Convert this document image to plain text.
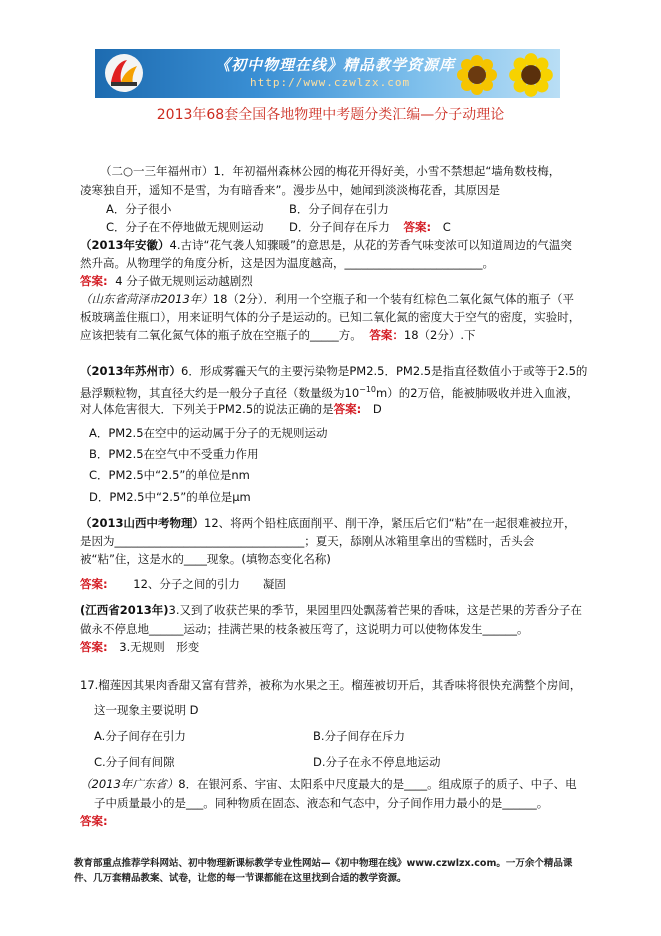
《初中物理在线》精品教学资源库
http://www.czwlzx.com
2013年68套全国各地物理中考题分类汇编—分子动理论
（二○一三年福州市）1．年初福州森林公园的梅花开得好美，小雪不禁想起“墙角数枝梅，
凌寒独自开，遥知不是雪，为有暗香来”。漫步丛中，她闻到淡淡梅花香，其原因是
A．分子很小	B．分子间存在引力
C．分子在不停地做无规则运动 D．分子间存在斥力 答案: C
（2013年安徽）4.古诗“花气袭人知骤暖”的意思是，从花的芳香气味变浓可以知道周边的气温突
然升高。从物理学的角度分析，这是因为温度越高，________________________。
答案: 4 分子做无规则运动越剧烈
（山东省菏泽市2013年）18（2分）．利用一个空瓶子和一个装有红棕色二氧化氮气体的瓶子（平
板玻璃盖住瓶口），用来证明气体的分子是运动的。已知二氧化氮的密度大于空气的密度，实验时，
应该把装有二氧化氮气体的瓶子放在空瓶子的_____方。 答案：18（2分）.下
（2013年苏州市）6．形成雾霾天气的主要污染物是PM2.5．PM2.5是指直径数值小于或等于2.5的
悬浮颗粒物，其直径大约是一般分子直径（数量级为$10^{-10}m$）的2万倍，能被肺吸收并进入血液，
对人体危害很大．下列关于PM2.5的说法正确的是答案: D
A．PM2.5在空中的运动属于分子的无规则运动
B．PM2.5在空气中不受重力作用
C．PM2.5中“2.5”的单位是nm
D．PM2.5中“2.5”的单位是μm
（2013山西中考物理）12、将两个铅柱底面削平、削干净，紧压后它们“粘”在一起很难被拉开，
是因为_________________________________；夏天，舔刚从冰箱里拿出的雪糕时，舌头会
被“粘”住，这是水的____现象。(填物态变化名称)
答案: 12、分子之间的引力　　凝固
(江西省2013年)3.又到了收获芒果的季节，果园里四处飘荡着芒果的香味，这是芒果的芳香分子在
做永不停息地______运动；挂满芒果的枝条被压弯了，这说明力可以使物体发生______。
答案: 3.无规则　形变
17.榴莲因其果肉香甜又富有营养，被称为水果之王。榴莲被切开后，其香味将很快充满整个房间，
这一现象主要说明 D
A.分子间存在引力	B.分子间存在斥力
C.分子间有间隙	D.分子在永不停息地运动
（2013年广东省）8．在银河系、宇宙、太阳系中尺度最大的是____。组成原子的质子、中子、电
子中质量最小的是___。同种物质在固态、液态和气态中，分子间作用力最小的是______。
答案:
教育部重点推荐学科网站、初中物理新课标教学专业性网站—《初中物理在线》www.czwlzx.com。一万余个精品课
件、几万套精品教案、试卷，让您的每一节课都能在这里找到合适的教学资源。
